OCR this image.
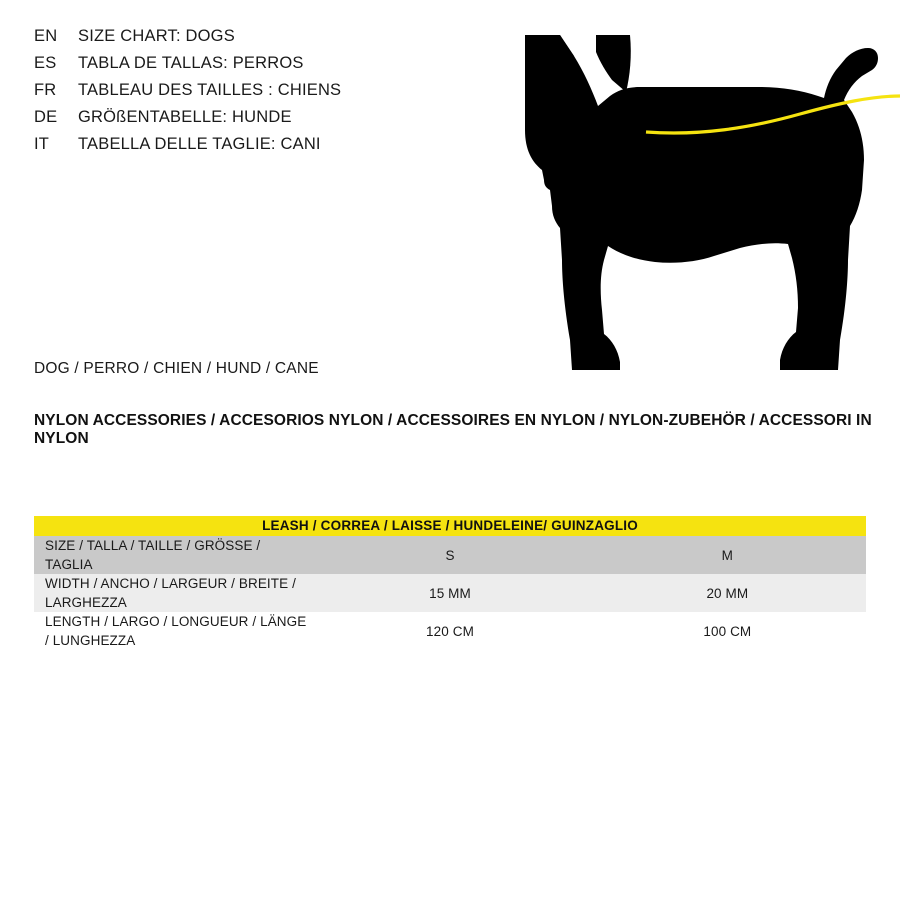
EN	SIZE CHART: DOGS
ES	TABLA DE TALLAS: PERROS
FR	TABLEAU DES TAILLES : CHIENS
DE	GRÖßENTABELLE: HUNDE
IT	TABELLA DELLE TAGLIE: CANI
DOG / PERRO / CHIEN / HUND / CANE
NYLON ACCESSORIES / ACCESORIOS NYLON / ACCESSOIRES EN NYLON / NYLON-ZUBEHÖR / ACCESSORI IN NYLON
LEASH / CORREA / LAISSE / HUNDELEINE/ GUINZAGLIO		
SIZE / TALLA / TAILLE / GRÖSSE / TAGLIA	S	M
WIDTH / ANCHO / LARGEUR / BREITE / LARGHEZZA	15 MM	20 MM
LENGTH / LARGO / LONGUEUR / LÄNGE / LUNGHEZZA	120 CM	100 CM
